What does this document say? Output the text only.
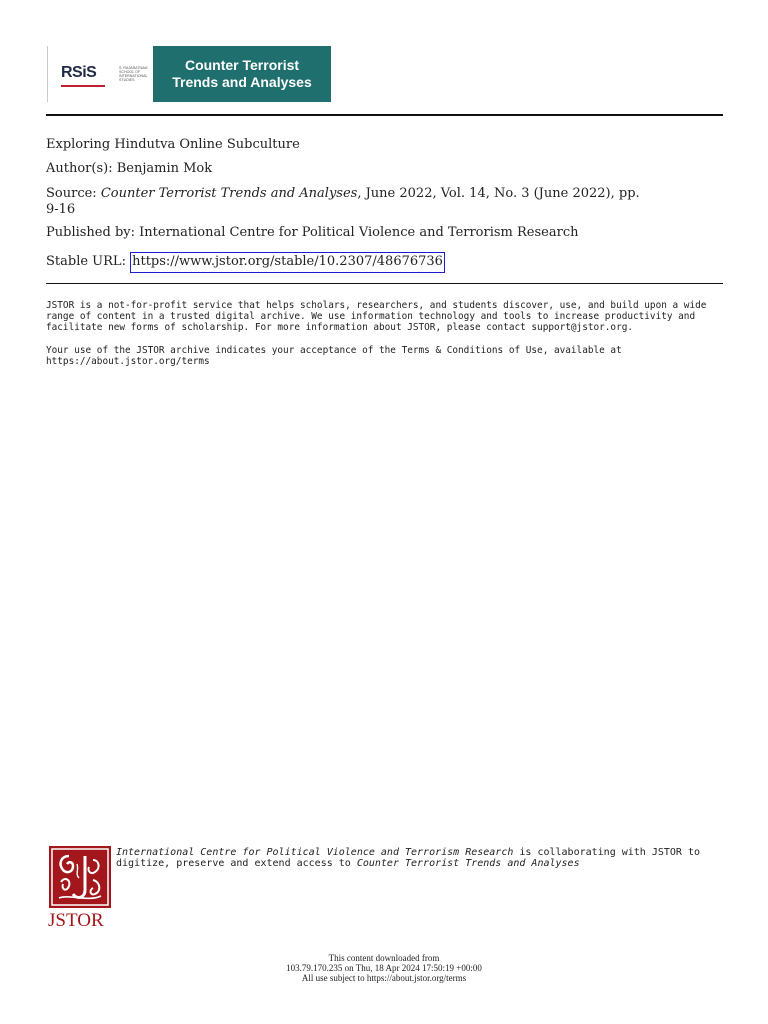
RSiS	S. RAJARATNAM SCHOOL OF INTERNATIONAL STUDIES
Counter Terrorist
Trends and Analyses
Exploring Hindutva Online Subculture
Author(s): Benjamin Mok
Source: Counter Terrorist Trends and Analyses, June 2022, Vol. 14, No. 3 (June 2022), pp.
9-16
Published by: International Centre for Political Violence and Terrorism Research
Stable URL: https://www.jstor.org/stable/10.2307/48676736
JSTOR is a not-for-profit service that helps scholars, researchers, and students discover, use, and build upon a wide
range of content in a trusted digital archive. We use information technology and tools to increase productivity and
facilitate new forms of scholarship. For more information about JSTOR, please contact support@jstor.org.
Your use of the JSTOR archive indicates your acceptance of the Terms & Conditions of Use, available at
https://about.jstor.org/terms
JSTOR
International Centre for Political Violence and Terrorism Research is collaborating with JSTOR to
digitize, preserve and extend access to Counter Terrorist Trends and Analyses
This content downloaded from
103.79.170.235 on Thu, 18 Apr 2024 17:50:19 +00:00
All use subject to https://about.jstor.org/terms
